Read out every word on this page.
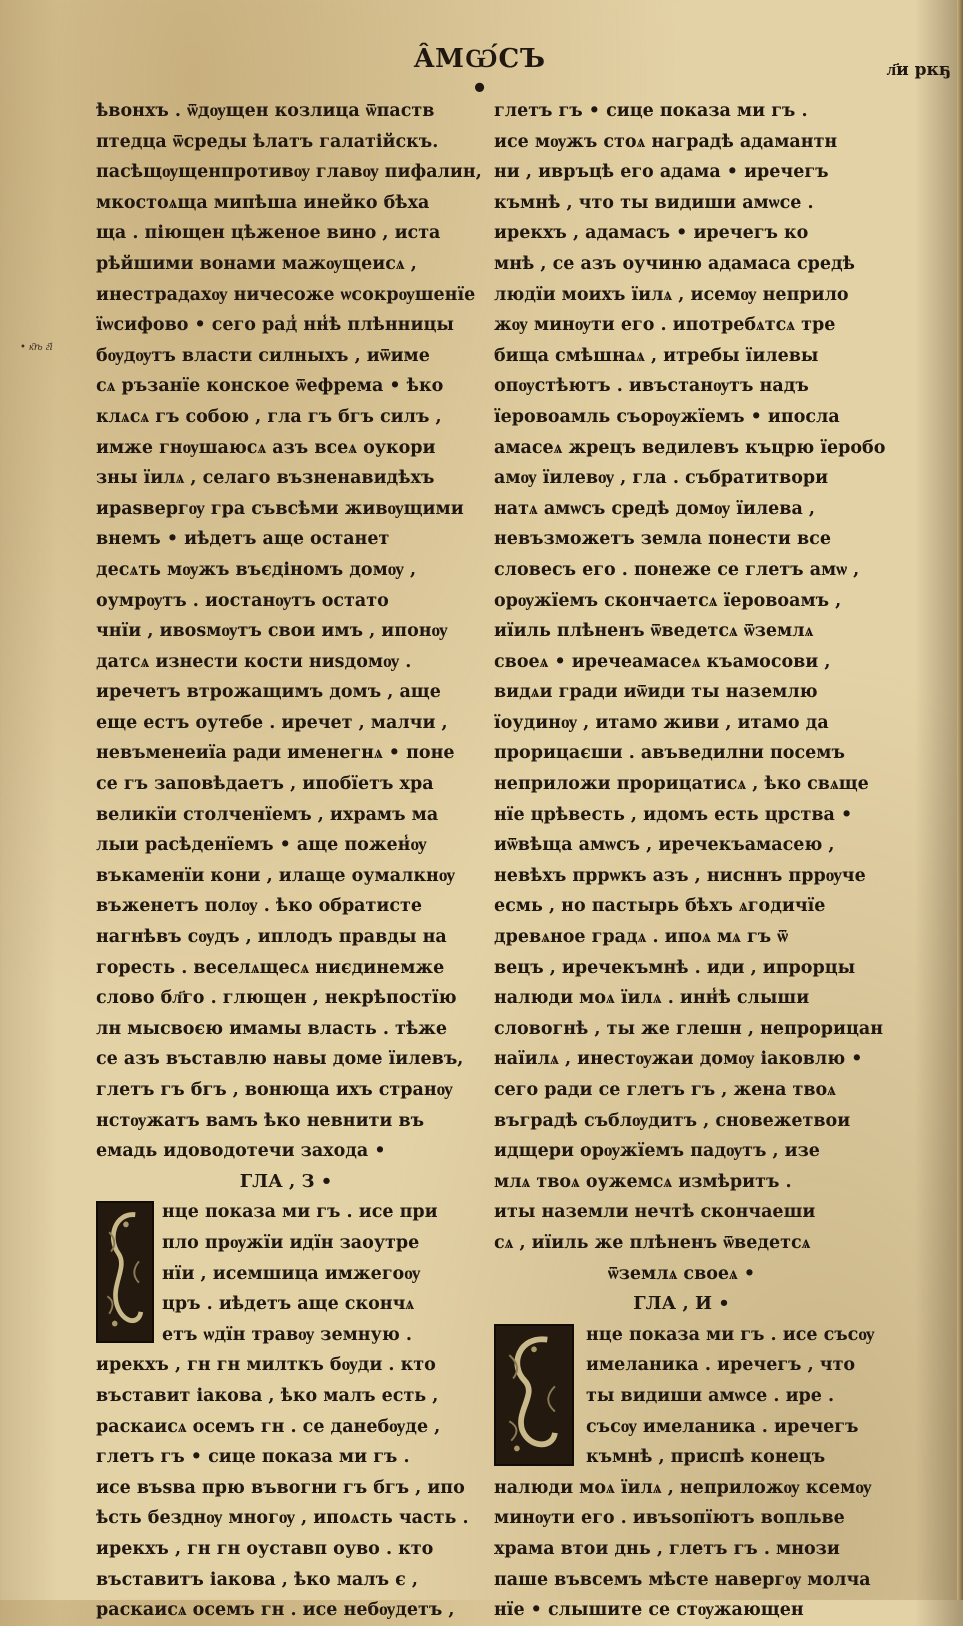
ÂМѠ́СЪ •
л҃и ркҕ
• к҃ѣ г҃і
ѣвонхъ . ѿдѹщен козлица ѿпаств
птедца ѿсреды ѣлатъ галатійскъ.
пасѣщѹщенпротивѹ главѹ пифалин,
мкостоѧща мипѣша инейко бѣха
ща . піющен цѣженое вино , иста
рѣйшими вонами мажѹщеисѧ ,
инестрадахѹ ничесоже ѡсокрѹшенїе
їѡсифово • сего рад̾ нн̾ѣ плѣнницы
бѹдѹтъ власти силныхъ , иѿиме
сѧ ръзанїе конское ѿефрема • ѣко
клѧсѧ гъ собою , гла гъ бгъ силъ ,
имже гнѹшаюсѧ азъ всеѧ оукори
зны їилѧ , селаго възненавидѣхъ
ираѕвергѹ гра съвсѣми живѹщими
внемъ • иѣдетъ аще останет
десѧть мѹжъ въєдіномъ домѹ ,
оумрѹтъ . иостанѹтъ остато
чнїи , ивоѕмѹтъ свои имъ , ипонѹ
датсѧ изнести кости ниѕдомѹ .
иречетъ втрожащимъ домъ , аще
еще естъ оутебе . иречет , малчи ,
невъменеиїа ради именегнѧ • поне
се гъ заповѣдаетъ , ипобїетъ хра
великїи столченїемъ , ихрамъ ма
лыи расѣденїемъ • аще пожен̾ѹ
въкаменїи кони , илаще оумалкнѹ
въженетъ полѹ . ѣко обратисте
нагнѣвъ сѹдъ , иплодъ правды на
горесть . веселѧщесѧ ниєдинемже
слово бл҃го . глющен , некрѣпостїю
лн мысвоєю имамы власть . тѣже
се азъ въставлю навы доме їилевъ,
глетъ гъ бгъ , вонюща ихъ странѹ
нстѹжатъ вамъ ѣко невнити въ
емадь идоводотечи захода •
ГЛА , З •
нце показа ми гъ . исе при
пло прѹжїи идїн заоутре
нїи , исемшица имжегоѹ
цръ . иѣдетъ аще скончѧ
етъ ѡдїн травѹ земную .
ирекхъ , гн гн милткъ бѹди . кто
въставит іакова , ѣко малъ есть ,
раскаисѧ осемъ гн . се данебѹде ,
глетъ гъ • сице показа ми гъ .
исе въѕва прю въвогни гъ бгъ , ипо
ѣсть безднѹ многѹ , ипоѧсть часть .
ирекхъ , гн гн оуставп оуво . кто
въставитъ іакова , ѣко малъ є ,
раскаисѧ осемъ гн . исе небѹдетъ ,
глетъ гъ • сице показа ми гъ .
исе мѹжъ стоѧ наградѣ адамантн
ни , ивръцѣ его адама • иречегъ
къмнѣ , что ты видиши амѡсе .
ирекхъ , адамасъ • иречегъ ко
мнѣ , се азъ оучиню адамаса средѣ
людїи моихъ їилѧ , исемѹ неприло
жѹ минѹти его . ипотребѧтсѧ тре
бища смѣшнаѧ , итребы їилевы
опѹстѣютъ . ивъстанѹтъ надъ
їеровоамль съорѹжїемъ • ипосла
амасеѧ жрецъ ведилевъ къцрю їеробо
амѹ їилевѹ , гла . събратитвори
натѧ амѡсъ средѣ домѹ їилева ,
невъзможетъ земла понести все
словесъ его . понеже се глетъ амѡ ,
орѹжїемъ скончаетсѧ їеровоамъ ,
иїиль плѣненъ ѿведетсѧ ѿземлѧ
своеѧ • иречеамасеѧ къамосови ,
видѧи гради иѿиди ты наземлю
їоудинѹ , итамо живи , итамо да
прорицаєши . авъведилни посемъ
неприложи прорицатисѧ , ѣко свѧще
нїе црѣвесть , идомъ есть црства •
иѿвѣща амѡсъ , иречекъамасею ,
невѣхъ пррѡкъ азъ , нисннъ пррѹче
есмь , но пастырь бѣхъ ѧгодичїе
древѧное градѧ . ипоѧ мѧ гъ ѿ
вецъ , иречекъмнѣ . иди , ипрорцы
налюди моѧ їилѧ . инн̾ѣ слыши
словогнѣ , ты же глешн , непрорицан
наїилѧ , инестѹжаи домѹ іаковлю •
сего ради се глетъ гъ , жена твоѧ
въградѣ съблѹдитъ , сновежетвои
идщери орѹжїемъ падѹтъ , изе
млѧ твоѧ оужемсѧ измѣритъ .
иты наземли нечтѣ скончаеши
сѧ , иїиль же плѣненъ ѿведетсѧ
ѿземлѧ своеѧ •
ГЛА , И •
нце показа ми гъ . исе съсѹ
имеланика . иречегъ , что
ты видиши амѡсе . ире .
съсѹ имеланика . иречегъ
къмнѣ , приспѣ конецъ
налюди моѧ їилѧ , неприложѹ ксемѹ
минѹти его . ивъѕопїютъ вопльве
храма втои днь , глетъ гъ . мнози
паше въвсемъ мѣсте навергѹ молча
нїе • слышите се стѹжающен
